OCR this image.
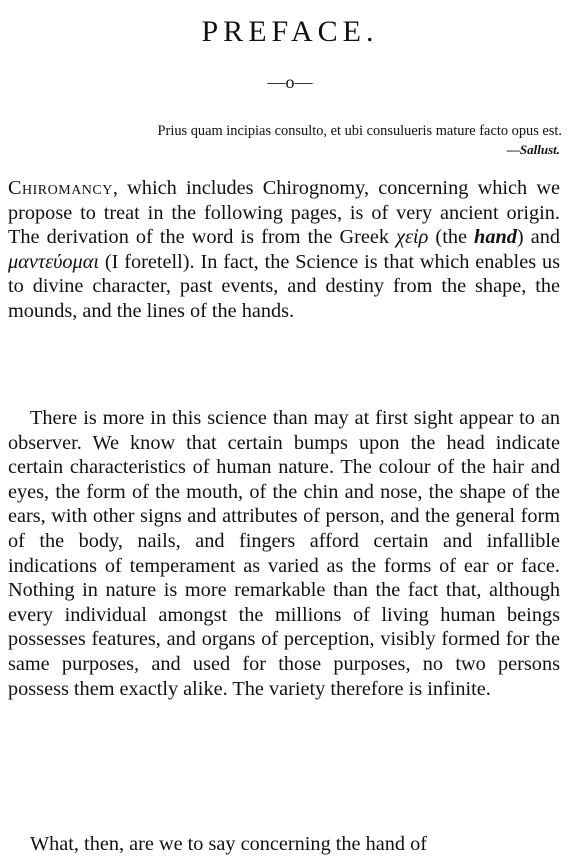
PREFACE.
—o—
Prius quam incipias consulto, et ubi consulueris mature facto opus est.
—Sallust.
Chiromancy, which includes Chirognomy, concerning which we propose to treat in the following pages, is of very ancient origin. The derivation of the word is from the Greek χεἰρ (the hand) and μαντεύομαι (I foretell). In fact, the Science is that which enables us to divine character, past events, and destiny from the shape, the mounds, and the lines of the hands.
There is more in this science than may at first sight appear to an observer. We know that certain bumps upon the head indicate certain characteristics of human nature. The colour of the hair and eyes, the form of the mouth, of the chin and nose, the shape of the ears, with other signs and attributes of person, and the general form of the body, nails, and fingers afford certain and infallible indications of temperament as varied as the forms of ear or face. Nothing in nature is more remarkable than the fact that, although every individual amongst the millions of living human beings possesses features, and organs of perception, visibly formed for the same purposes, and used for those purposes, no two persons possess them exactly alike. The variety therefore is infinite.
What, then, are we to say concerning the hand of
